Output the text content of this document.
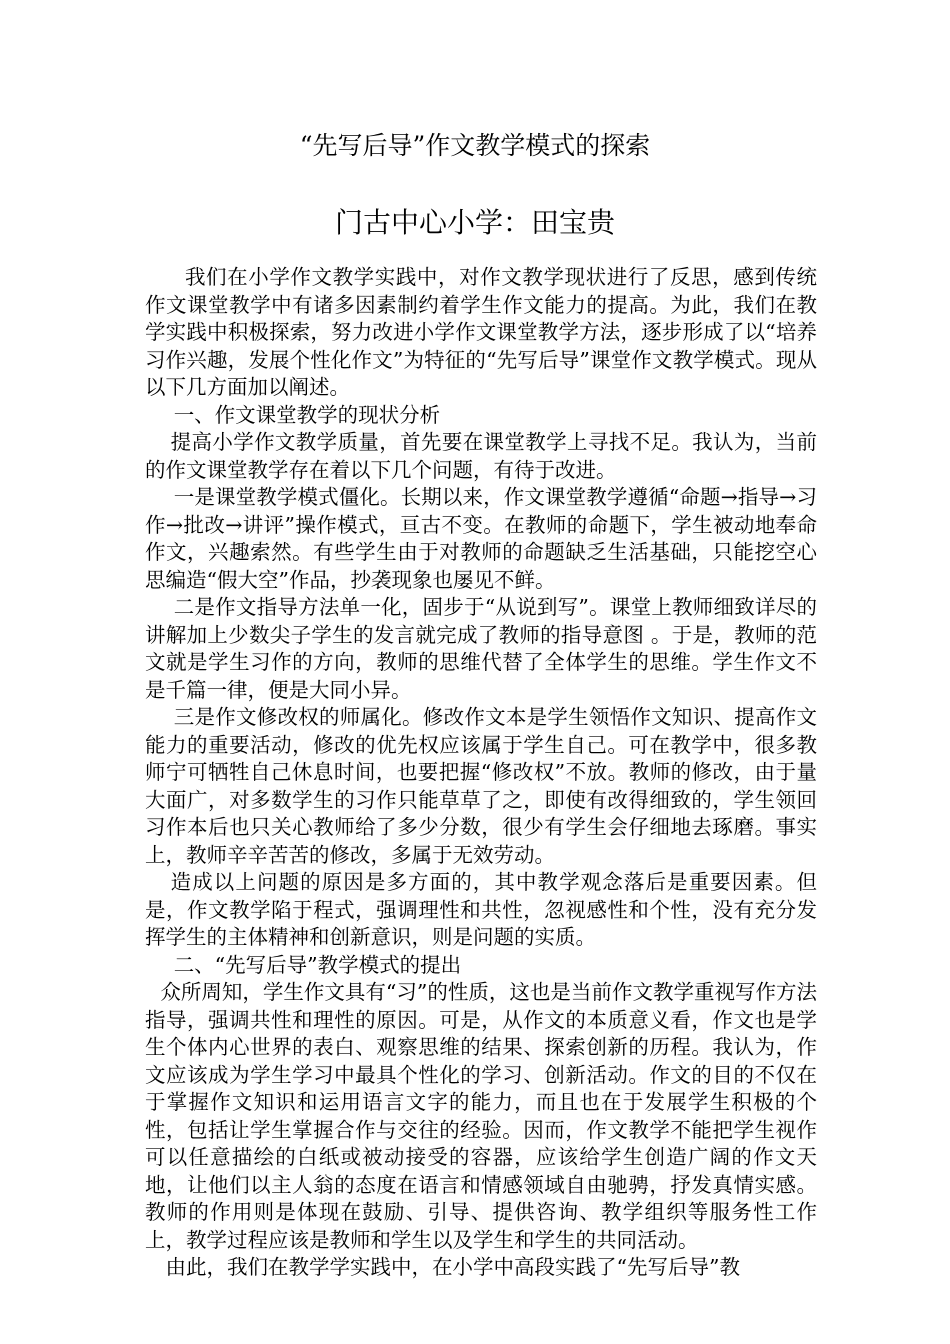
“先写后导”作文教学模式的探索
门古中心小学：田宝贵

我们在小学作文教学实践中，对作文教学现状进行了反思，感到传统作文课堂教学中有诸多因素制约着学生作文能力的提高。为此，我们在教学实践中积极探索，努力改进小学作文课堂教学方法，逐步形成了以“培养习作兴趣，发展个性化作文”为特征的“先写后导”课堂作文教学模式。现从以下几方面加以阐述。

一、作文课堂教学的现状分析

提高小学作文教学质量，首先要在课堂教学上寻找不足。我认为，当前的作文课堂教学存在着以下几个问题，有待于改进。

一是课堂教学模式僵化。长期以来，作文课堂教学遵循“命题→指导→习作→批改→讲评”操作模式，亘古不变。在教师的命题下，学生被动地奉命作文，兴趣索然。有些学生由于对教师的命题缺乏生活基础，只能挖空心思编造“假大空”作品，抄袭现象也屡见不鲜。

二是作文指导方法单一化，固步于“从说到写”。课堂上教师细致详尽的讲解加上少数尖子学生的发言就完成了教师的指导意图 。于是，教师的范文就是学生习作的方向，教师的思维代替了全体学生的思维。学生作文不是千篇一律，便是大同小异。

三是作文修改权的师属化。修改作文本是学生领悟作文知识、提高作文能力的重要活动，修改的优先权应该属于学生自己。可在教学中，很多教师宁可牺牲自己休息时间，也要把握“修改权”不放。教师的修改，由于量大面广，对多数学生的习作只能草草了之，即使有改得细致的，学生领回习作本后也只关心教师给了多少分数，很少有学生会仔细地去琢磨。事实上，教师辛辛苦苦的修改，多属于无效劳动。

造成以上问题的原因是多方面的，其中教学观念落后是重要因素。但是，作文教学陷于程式，强调理性和共性，忽视感性和个性，没有充分发挥学生的主体精神和创新意识，则是问题的实质。

二、“先写后导”教学模式的提出

众所周知，学生作文具有“习”的性质，这也是当前作文教学重视写作方法指导，强调共性和理性的原因。可是，从作文的本质意义看，作文也是学生个体内心世界的表白、观察思维的结果、探索创新的历程。我认为，作文应该成为学生学习中最具个性化的学习、创新活动。作文的目的不仅在于掌握作文知识和运用语言文字的能力，而且也在于发展学生积极的个性，包括让学生掌握合作与交往的经验。因而，作文教学不能把学生视作可以任意描绘的白纸或被动接受的容器，应该给学生创造广阔的作文天地，让他们以主人翁的态度在语言和情感领域自由驰骋，抒发真情实感。教师的作用则是体现在鼓励、引导、提供咨询、教学组织等服务性工作上，教学过程应该是教师和学生以及学生和学生的共同活动。

由此，我们在教学学实践中，在小学中高段实践了“先写后导”教
